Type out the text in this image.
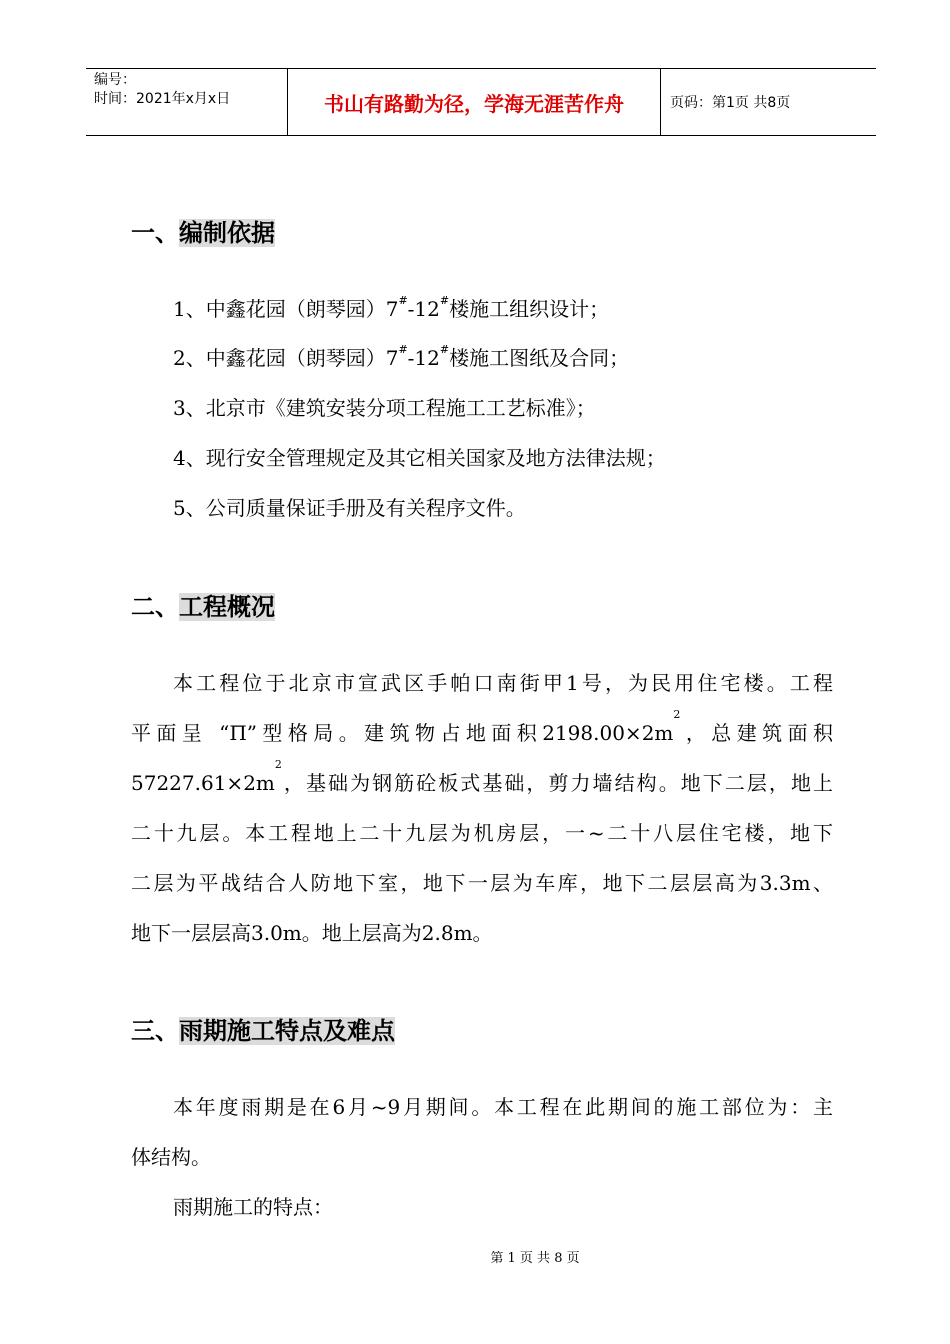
编号：
时间：2021年x月x日	书山有路勤为径，学海无涯苦作舟	页码：第1页 共8页
一、编制依据
1、中鑫花园（朗琴园）7#-12#楼施工组织设计；
2、中鑫花园（朗琴园）7#-12#楼施工图纸及合同；
3、北京市《建筑安装分项工程施工工艺标准》；
4、现行安全管理规定及其它相关国家及地方法律法规；
5、公司质量保证手册及有关程序文件。
二、工程概况
本工程位于北京市宣武区手帕口南街甲1号，为民用住宅楼。工程
平面呈 “Π”型格局。建筑物占地面积$2198.00\times 2m^2$，总建筑面积
$57227.61\times 2m^2$，基础为钢筋砼板式基础，剪力墙结构。地下二层，地上
二十九层。本工程地上二十九层为机房层，一~二十八层住宅楼，地下
二层为平战结合人防地下室，地下一层为车库，地下二层层高为3.3m、
地下一层层高3.0m。地上层高为2.8m。
三、雨期施工特点及难点
本年度雨期是在6月~9月期间。本工程在此期间的施工部位为：主
体结构。
雨期施工的特点：
第 1 页 共 8 页
